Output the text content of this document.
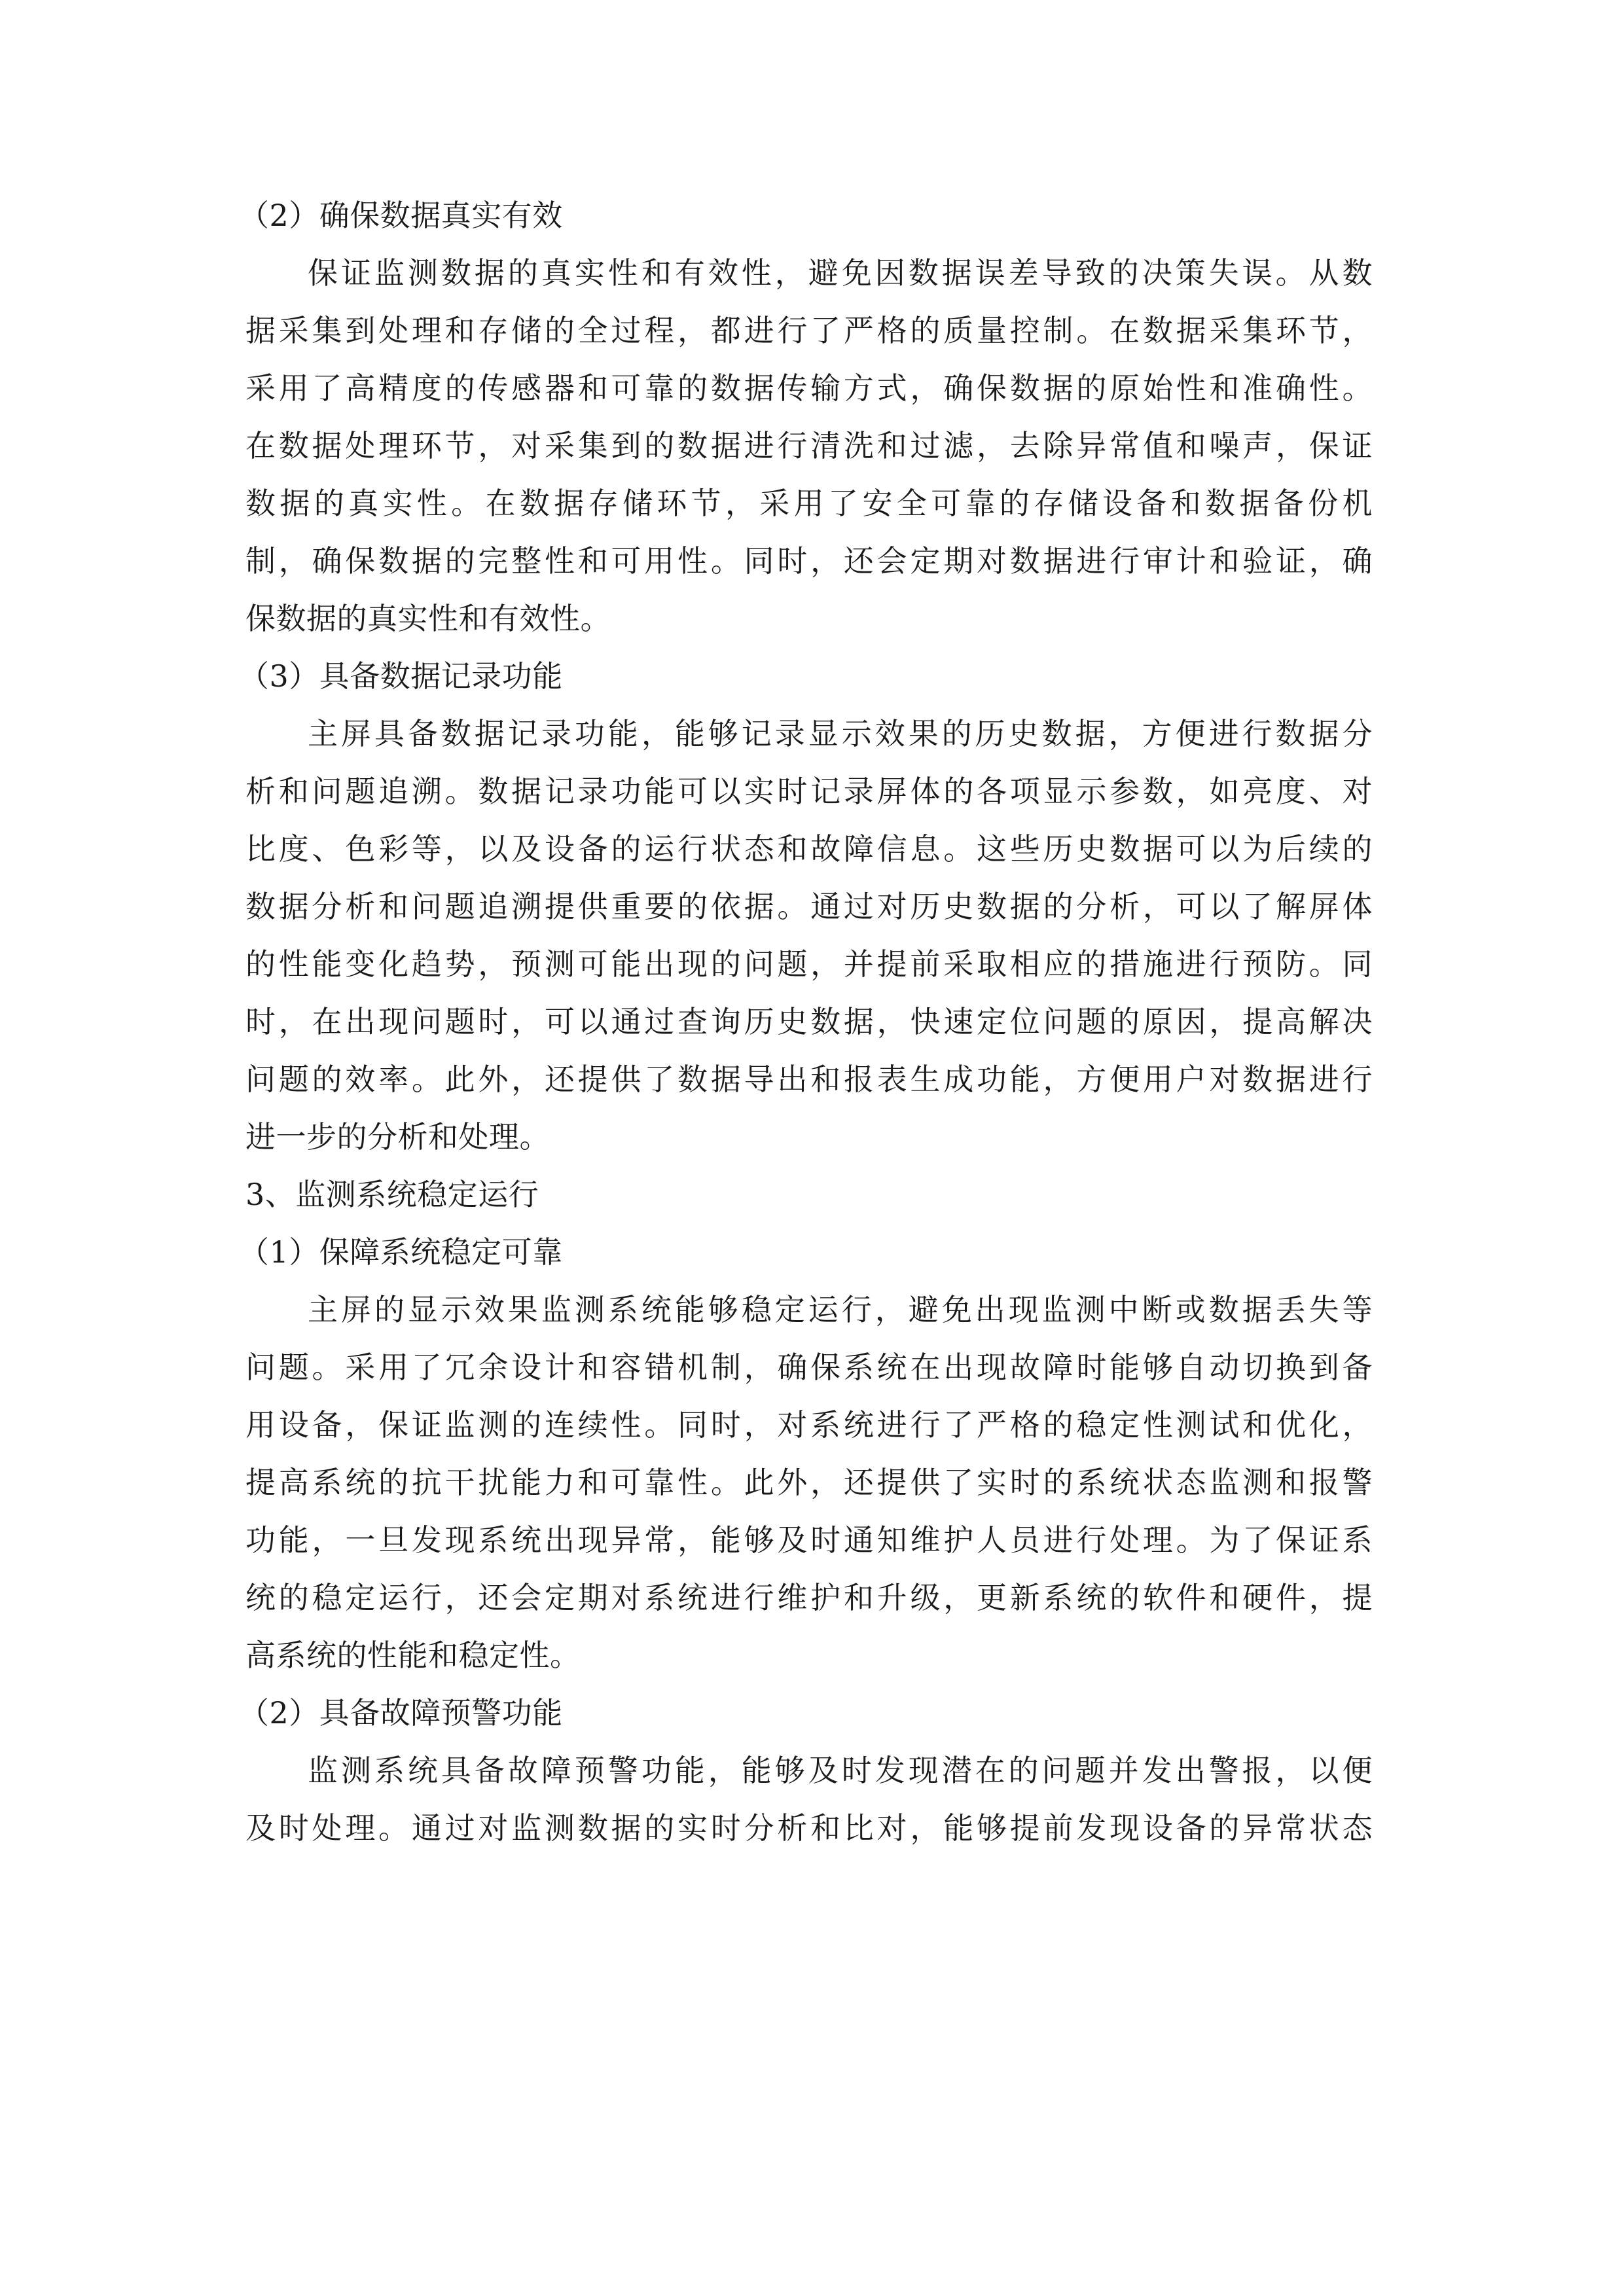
（2）确保数据真实有效
保证监测数据的真实性和有效性，避免因数据误差导致的决策失误。从数
据采集到处理和存储的全过程，都进行了严格的质量控制。在数据采集环节，
采用了高精度的传感器和可靠的数据传输方式，确保数据的原始性和准确性。
在数据处理环节，对采集到的数据进行清洗和过滤，去除异常值和噪声，保证
数据的真实性。在数据存储环节，采用了安全可靠的存储设备和数据备份机
制，确保数据的完整性和可用性。同时，还会定期对数据进行审计和验证，确
保数据的真实性和有效性。
（3）具备数据记录功能
主屏具备数据记录功能，能够记录显示效果的历史数据，方便进行数据分
析和问题追溯。数据记录功能可以实时记录屏体的各项显示参数，如亮度、对
比度、色彩等，以及设备的运行状态和故障信息。这些历史数据可以为后续的
数据分析和问题追溯提供重要的依据。通过对历史数据的分析，可以了解屏体
的性能变化趋势，预测可能出现的问题，并提前采取相应的措施进行预防。同
时，在出现问题时，可以通过查询历史数据，快速定位问题的原因，提高解决
问题的效率。此外，还提供了数据导出和报表生成功能，方便用户对数据进行
进一步的分析和处理。
3、监测系统稳定运行
（1）保障系统稳定可靠
主屏的显示效果监测系统能够稳定运行，避免出现监测中断或数据丢失等
问题。采用了冗余设计和容错机制，确保系统在出现故障时能够自动切换到备
用设备，保证监测的连续性。同时，对系统进行了严格的稳定性测试和优化，
提高系统的抗干扰能力和可靠性。此外，还提供了实时的系统状态监测和报警
功能，一旦发现系统出现异常，能够及时通知维护人员进行处理。为了保证系
统的稳定运行，还会定期对系统进行维护和升级，更新系统的软件和硬件，提
高系统的性能和稳定性。
（2）具备故障预警功能
监测系统具备故障预警功能，能够及时发现潜在的问题并发出警报，以便
及时处理。通过对监测数据的实时分析和比对，能够提前发现设备的异常状态
